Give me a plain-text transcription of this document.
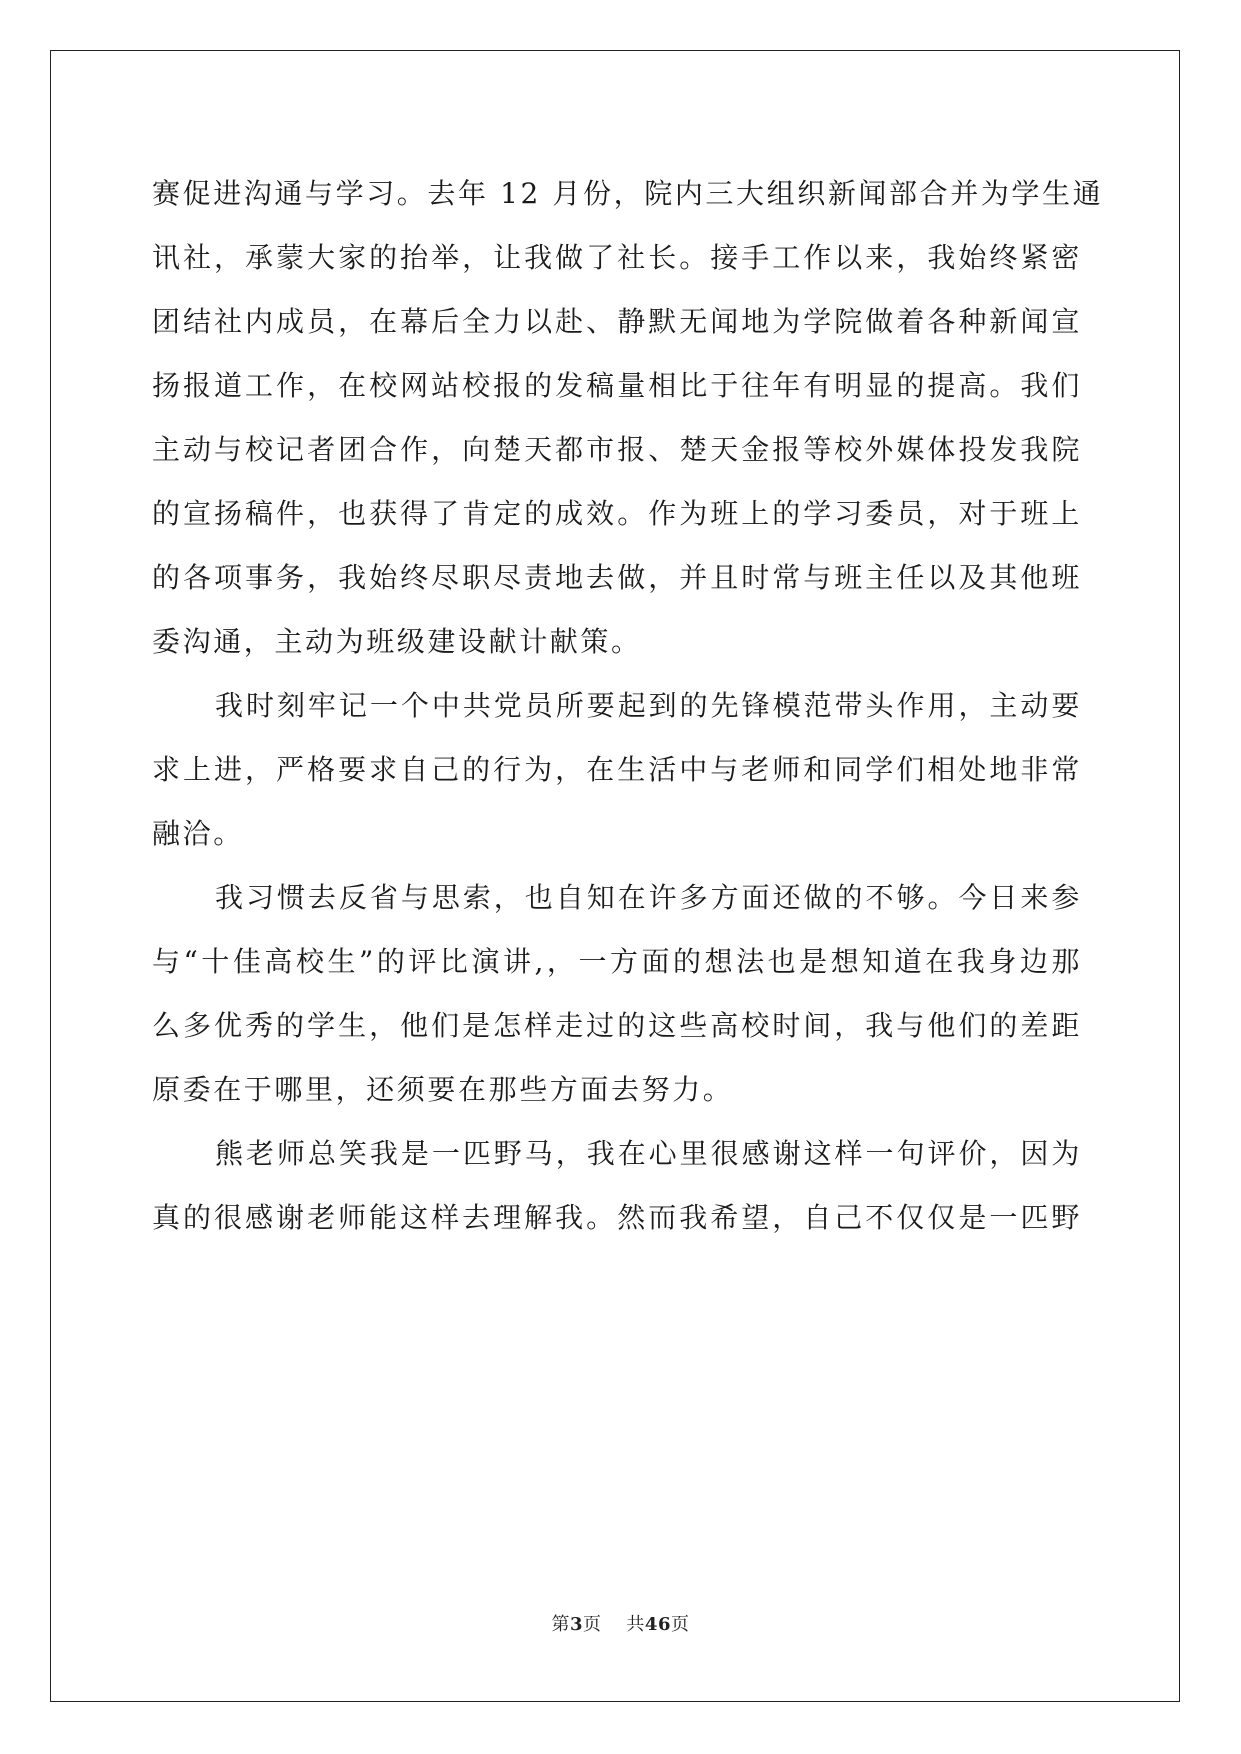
赛促进沟通与学习。去年 12 月份，院内三大组织新闻部合并为学生通
讯社，承蒙大家的抬举，让我做了社长。接手工作以来，我始终紧密
团结社内成员，在幕后全力以赴、静默无闻地为学院做着各种新闻宣
扬报道工作，在校网站校报的发稿量相比于往年有明显的提高。我们
主动与校记者团合作，向楚天都市报、楚天金报等校外媒体投发我院
的宣扬稿件，也获得了肯定的成效。作为班上的学习委员，对于班上
的各项事务，我始终尽职尽责地去做，并且时常与班主任以及其他班
委沟通，主动为班级建设献计献策。
我时刻牢记一个中共党员所要起到的先锋模范带头作用，主动要
求上进，严格要求自己的行为，在生活中与老师和同学们相处地非常
融洽。
我习惯去反省与思索，也自知在许多方面还做的不够。今日来参
与“十佳高校生”的评比演讲,，一方面的想法也是想知道在我身边那
么多优秀的学生，他们是怎样走过的这些高校时间，我与他们的差距
原委在于哪里，还须要在那些方面去努力。
熊老师总笑我是一匹野马，我在心里很感谢这样一句评价，因为
真的很感谢老师能这样去理解我。然而我希望，自己不仅仅是一匹野
第3页 共46页
